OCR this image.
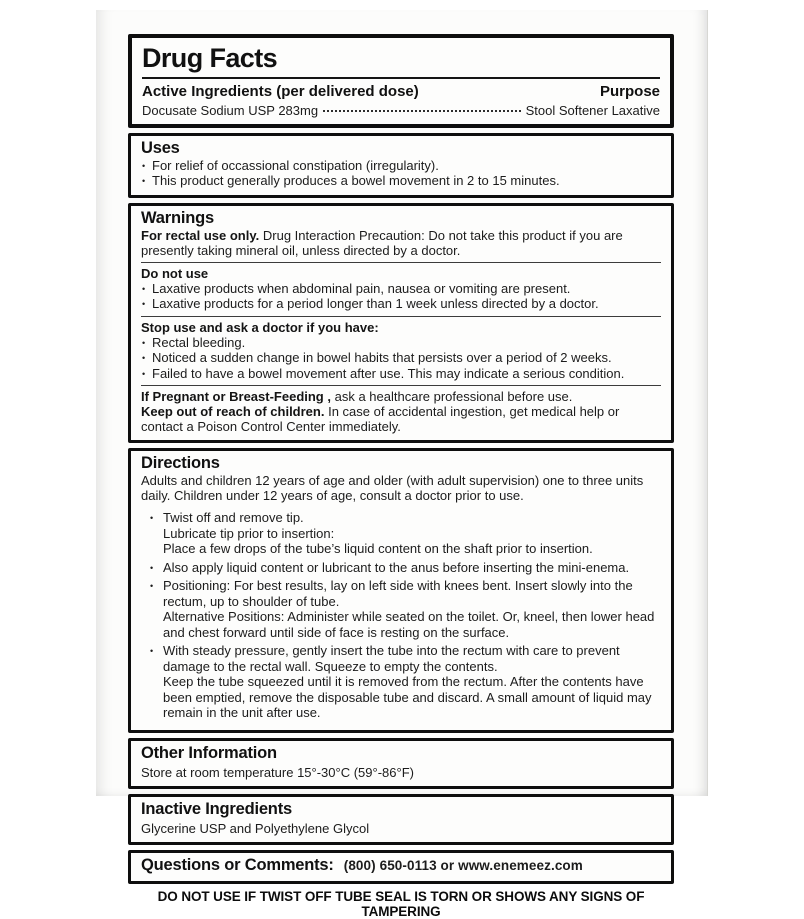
Drug Facts
Active Ingredients (per delivered dose)	Purpose
Docusate Sodium USP 283mg	Stool Softener Laxative
Uses
• For relief of occassional constipation (irregularity).
• This product generally produces a bowel movement in 2 to 15 minutes.
Warnings
For rectal use only. Drug Interaction Precaution: Do not take this product if you are presently taking mineral oil, unless directed by a doctor.
Do not use
• Laxative products when abdominal pain, nausea or vomiting are present.
• Laxative products for a period longer than 1 week unless directed by a doctor.
Stop use and ask a doctor if you have:
• Rectal bleeding.
• Noticed a sudden change in bowel habits that persists over a period of 2 weeks.
• Failed to have a bowel movement after use. This may indicate a serious condition.
If Pregnant or Breast-Feeding , ask a healthcare professional before use.
Keep out of reach of children. In case of accidental ingestion, get medical help or contact a Poison Control Center immediately.
Directions
Adults and children 12 years of age and older (with adult supervision) one to three units daily. Children under 12 years of age, consult a doctor prior to use.
• Twist off and remove tip.
Lubricate tip prior to insertion:
Place a few drops of the tube’s liquid content on the shaft prior to insertion.
• Also apply liquid content or lubricant to the anus before inserting the mini-enema.
• Positioning: For best results, lay on left side with knees bent. Insert slowly into the rectum, up to shoulder of tube.
Alternative Positions: Administer while seated on the toilet. Or, kneel, then lower head and chest forward until side of face is resting on the surface.
• With steady pressure, gently insert the tube into the rectum with care to prevent damage to the rectal wall. Squeeze to empty the contents.
Keep the tube squeezed until it is removed from the rectum. After the contents have been emptied, remove the disposable tube and discard. A small amount of liquid may remain in the unit after use.
Other Information
Store at room temperature 15°-30°C (59°-86°F)
Inactive Ingredients
Glycerine USP and Polyethylene Glycol
Questions or Comments: (800) 650-0113 or www.enemeez.com
DO NOT USE IF TWIST OFF TUBE SEAL IS TORN OR SHOWS ANY SIGNS OF TAMPERING
